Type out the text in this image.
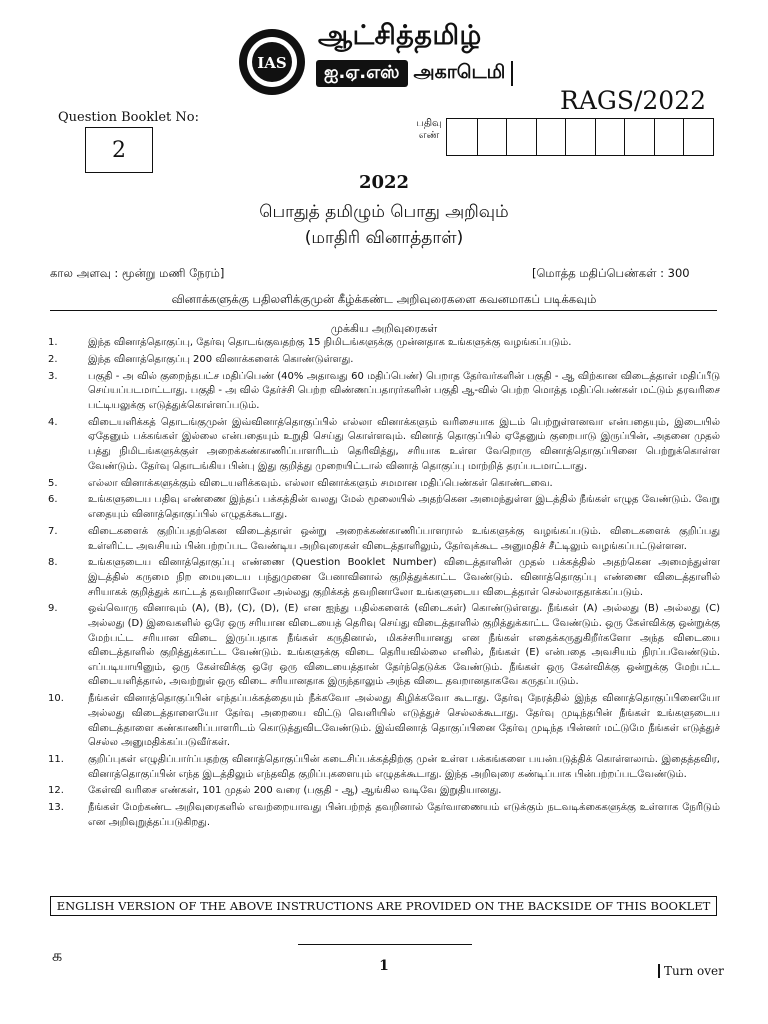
IAS
ஆட்சித்தமிழ்
ஐ.ஏ.எஸ் அகாடெமி
RAGS/2022
Question Booklet No:
2
பதிவு எண்
2022
பொதுத் தமிழும் பொது அறிவும்
(மாதிரி வினாத்தாள்)
கால அளவு : மூன்று மணி நேரம்]	[மொத்த மதிப்பெண்கள் : 300
வினாக்களுக்கு பதிலளிக்குமுன் கீழ்க்கண்ட அறிவுரைகளை கவனமாகப் படிக்கவும்
முக்கிய அறிவுரைகள்
1.	இந்த வினாத்தொகுப்பு, தேர்வு தொடங்குவதற்கு 15 நிமிடங்களுக்கு முன்னதாக உங்களுக்கு வழங்கப்படும்.
2.	இந்த வினாத்தொகுப்பு 200 வினாக்களைக் கொண்டுள்ளது.
3.	பகுதி - அ வில் குறைந்தபட்ச மதிப்பெண் (40% அதாவது 60 மதிப்பெண்) பெறாத தேர்வர்களின் பகுதி - ஆ விற்கான விடைத்தாள் மதிப்பீடு செய்யப்படமாட்டாது. பகுதி - அ வில் தேர்ச்சி பெற்ற விண்ணப்பதாரர்களின் பகுதி ஆ-வில் பெற்ற மொத்த மதிப்பெண்கள் மட்டும் தரவரிசை பட்டியலுக்கு எடுத்துக்கொள்ளப்படும்.
4.	விடையளிக்கத் தொடங்குமுன் இவ்வினாத்தொகுப்பில் எல்லா வினாக்களும் வரிசையாக இடம் பெற்றுள்ளனவா என்பதையும், இடையில் ஏதேனும் பக்கங்கள் இல்லை என்பதையும் உறுதி செய்து கொள்ளவும். வினாத் தொகுப்பில் ஏதேனும் குறைபாடு இருப்பின், அதனை முதல் பத்து நிமிடங்களுக்குள் அறைக்கண்காணிப்பாளரிடம் தெரிவித்து, சரியாக உள்ள வேறொரு வினாத்தொகுப்பினை பெற்றுக்கொள்ள வேண்டும். தேர்வு தொடங்கிய பின்பு இது குறித்து முறையிட்டால் வினாத் தொகுப்பு மாற்றித் தரப்படமாட்டாது.
5.	எல்லா வினாக்களுக்கும் விடையளிக்கவும். எல்லா வினாக்களும் சமமான மதிப்பெண்கள் கொண்டவை.
6.	உங்களுடைய பதிவு எண்ணை இந்தப் பக்கத்தின் வலது மேல் மூலையில் அதற்கென அமைந்துள்ள இடத்தில் நீங்கள் எழுத வேண்டும். வேறு எதையும் வினாத்தொகுப்பில் எழுதக்கூடாது.
7.	விடைகளைக் குறிப்பதற்கென விடைத்தாள் ஒன்று அறைக்கண்காணிப்பாளரால் உங்களுக்கு வழங்கப்படும். விடைகளைக் குறிப்பது உள்ளிட்ட அவசியம் பின்பற்றப்பட வேண்டிய அறிவுரைகள் விடைத்தாளிலும், தேர்வுக்கூட அனுமதிச் சீட்டிலும் வழங்கப்பட்டுள்ளன.
8.	உங்களுடைய வினாத்தொகுப்பு எண்ணை (Question Booklet Number) விடைத்தாளின் முதல் பக்கத்தில் அதற்கென அமைந்துள்ள இடத்தில் கருமை நிற மையுடைய பந்துமுனை பேனாவினால் குறித்துக்காட்ட வேண்டும். வினாத்தொகுப்பு எண்ணை விடைத்தாளில் சரியாகக் குறித்துக் காட்டத் தவறினாலோ அல்லது குறிக்கத் தவறினாலோ உங்களுடைய விடைத்தாள் செல்லாததாக்கப்படும்.
9.	ஒவ்வொரு வினாவும் (A), (B), (C), (D), (E) என ஐந்து பதில்களைக் (விடைகள்) கொண்டுள்ளது. நீங்கள் (A) அல்லது (B) அல்லது (C) அல்லது (D) இவைகளில் ஒரே ஒரு சரியான விடையைத் தெரிவு செய்து விடைத்தாளில் குறித்துக்காட்ட வேண்டும். ஒரு கேள்விக்கு ஒன்றுக்கு மேற்பட்ட சரியான விடை இருப்பதாக நீங்கள் கருதினால், மிகச்சரியானது என நீங்கள் எதைக்கருதுகிறீர்களோ அந்த விடையை விடைத்தாளில் குறித்துக்காட்ட வேண்டும். உங்களுக்கு விடை தெரியவில்லை எனில், நீங்கள் (E) என்பதை அவசியம் நிரப்பவேண்டும். எப்படியாயினும், ஒரு கேள்விக்கு ஒரே ஒரு விடையைத்தான் தேர்ந்தெடுக்க வேண்டும். நீங்கள் ஒரு கேள்விக்கு ஒன்றுக்கு மேற்பட்ட விடையளித்தால், அவற்றுள் ஒரு விடை சரியானதாக இருந்தாலும் அந்த விடை தவறானதாகவே கருதப்படும்.
10.	நீங்கள் வினாத்தொகுப்பின் எந்தப்பக்கத்தையும் நீக்கவோ அல்லது கிழிக்கவோ கூடாது. தேர்வு நேரத்தில் இந்த வினாத்தொகுப்பினையோ அல்லது விடைத்தாளையோ தேர்வு அறையை விட்டு வெளியில் எடுத்துச் செல்லக்கூடாது. தேர்வு முடிந்தபின் நீங்கள் உங்களுடைய விடைத்தாளை கண்காணிப்பாளரிடம் கொடுத்துவிடவேண்டும். இவ்வினாத் தொகுப்பினை தேர்வு முடிந்த பின்னர் மட்டுமே நீங்கள் எடுத்துச் செல்ல அனுமதிக்கப்படுவீர்கள்.
11.	குறிப்புகள் எழுதிப்பார்ப்பதற்கு வினாத்தொகுப்பின் கடைசிப்பக்கத்திற்கு முன் உள்ள பக்கங்களை பயன்படுத்திக் கொள்ளலாம். இதைத்தவிர, வினாத்தொகுப்பின் எந்த இடத்திலும் எந்தவித குறிப்புகளையும் எழுதக்கூடாது. இந்த அறிவுரை கண்டிப்பாக பின்பற்றப்படவேண்டும்.
12.	கேள்வி வரிசை எண்கள், 101 முதல் 200 வரை (பகுதி - ஆ) ஆங்கில வடிவே இறுதியானது.
13.	நீங்கள் மேற்கண்ட அறிவுரைகளில் எவற்றையாவது பின்பற்றத் தவறினால் தேர்வாணையம் எடுக்கும் நடவடிக்கைகளுக்கு உள்ளாக நேரிடும் என அறிவுறுத்தப்படுகிறது.
ENGLISH VERSION OF THE ABOVE INSTRUCTIONS ARE PROVIDED ON THE BACKSIDE OF THIS BOOKLET
க
1	Turn over
